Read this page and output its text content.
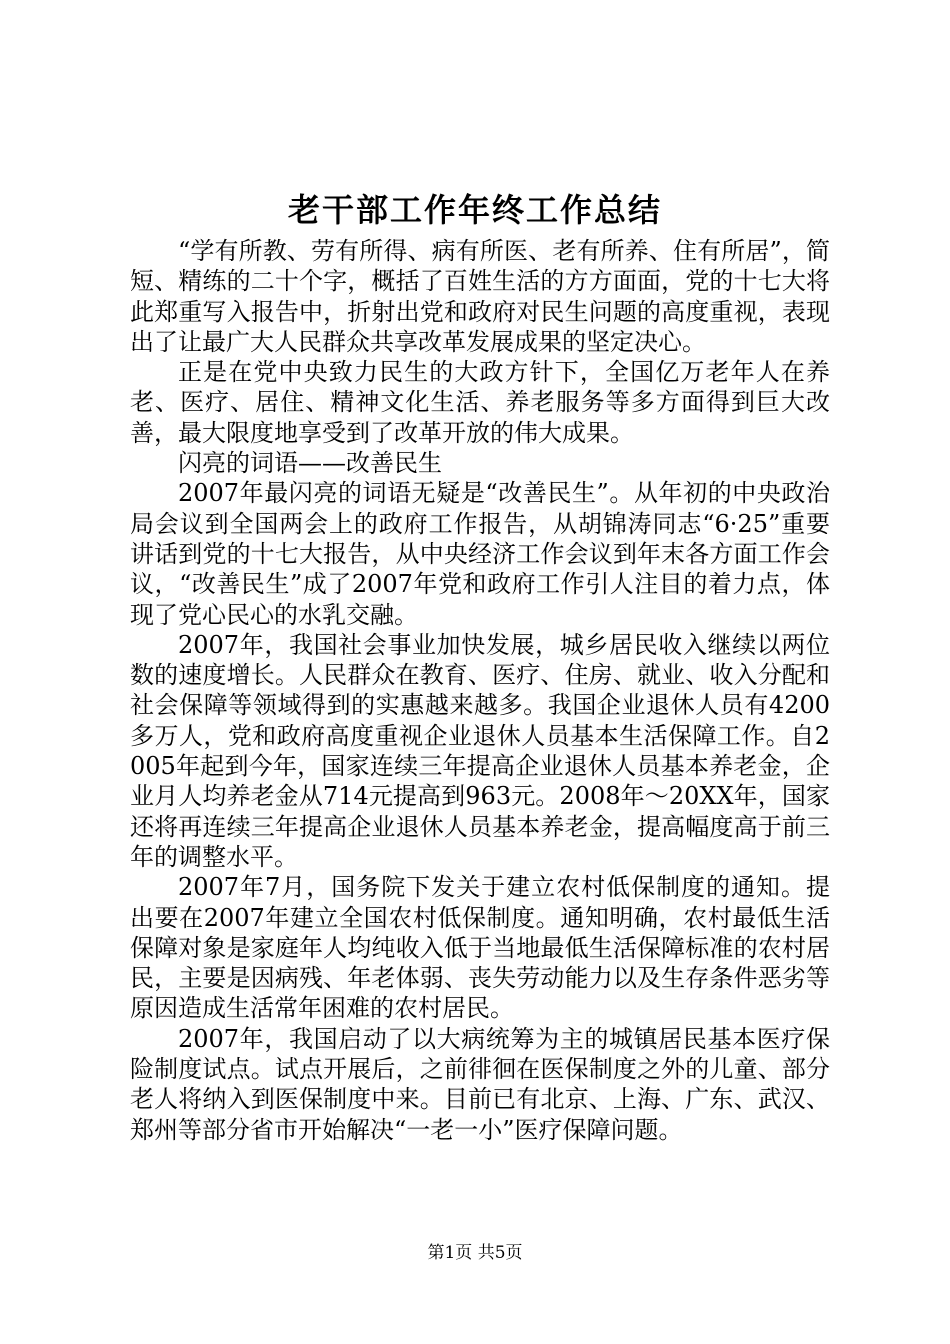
老干部工作年终工作总结

“学有所教、劳有所得、病有所医、老有所养、住有所居”，简短、精练的二十个字，概括了百姓生活的方方面面，党的十七大将此郑重写入报告中，折射出党和政府对民生问题的高度重视，表现出了让最广大人民群众共享改革发展成果的坚定决心。

正是在党中央致力民生的大政方针下，全国亿万老年人在养老、医疗、居住、精神文化生活、养老服务等多方面得到巨大改善，最大限度地享受到了改革开放的伟大成果。

闪亮的词语——改善民生

2007年最闪亮的词语无疑是“改善民生”。从年初的中央政治局会议到全国两会上的政府工作报告，从胡锦涛同志“6·25”重要讲话到党的十七大报告，从中央经济工作会议到年末各方面工作会议，“改善民生”成了2007年党和政府工作引人注目的着力点，体现了党心民心的水乳交融。

2007年，我国社会事业加快发展，城乡居民收入继续以两位数的速度增长。人民群众在教育、医疗、住房、就业、收入分配和社会保障等领域得到的实惠越来越多。我国企业退休人员有4200多万人，党和政府高度重视企业退休人员基本生活保障工作。自2005年起到今年，国家连续三年提高企业退休人员基本养老金，企业月人均养老金从714元提高到963元。2008年～20XX年，国家还将再连续三年提高企业退休人员基本养老金，提高幅度高于前三年的调整水平。

2007年7月，国务院下发关于建立农村低保制度的通知。提出要在2007年建立全国农村低保制度。通知明确，农村最低生活保障对象是家庭年人均纯收入低于当地最低生活保障标准的农村居民，主要是因病残、年老体弱、丧失劳动能力以及生存条件恶劣等原因造成生活常年困难的农村居民。

2007年，我国启动了以大病统筹为主的城镇居民基本医疗保险制度试点。试点开展后，之前徘徊在医保制度之外的儿童、部分老人将纳入到医保制度中来。目前已有北京、上海、广东、武汉、郑州等部分省市开始解决“一老一小”医疗保障问题。

第1页 共5页
